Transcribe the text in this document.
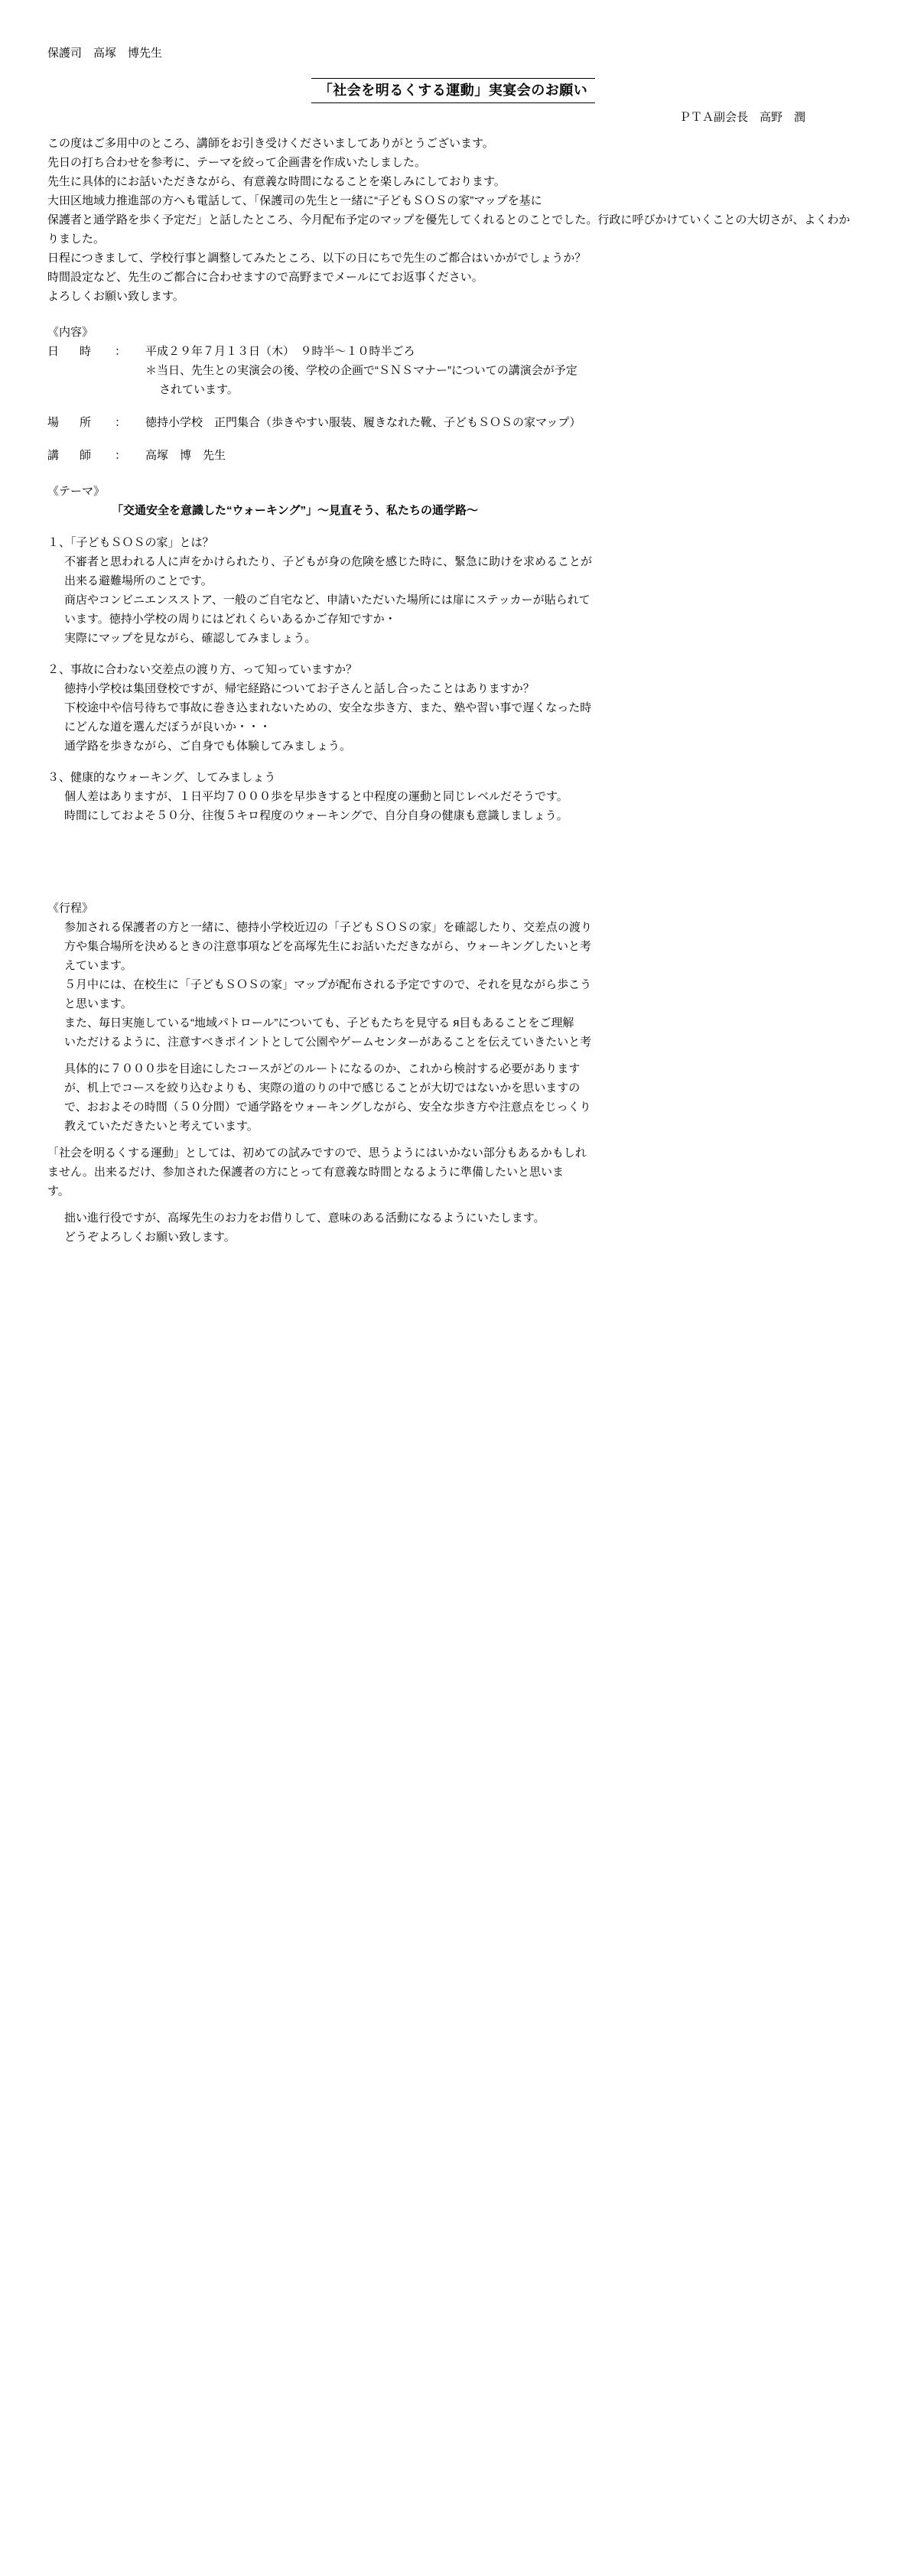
保護司　高塚　博先生
「社会を明るくする運動」実宴会のお願い
ＰＴＡ副会長　高野　潤
この度はご多用中のところ、講師をお引き受けくださいましてありがとうございます。
先日の打ち合わせを参考に、テーマを絞って企画書を作成いたしました。
先生に具体的にお話いただきながら、有意義な時間になることを楽しみにしております。
大田区地域力推進部の方へも電話して、「保護司の先生と一緒に“子どもＳＯＳの家”マップを基に
保護者と通学路を歩く予定だ」と話したところ、今月配布予定のマップを優先してくれるとのことでした。行政に呼びかけていくことの大切さが、よくわかりました。
日程につきまして、学校行事と調整してみたところ、以下の日にちで先生のご都合はいかがでしょうか？
時間設定など、先生のご都合に合わせますので高野までメールにてお返事ください。
よろしくお願い致します。
《内容》
日　時	：	平成２９年７月１３日（木）　９時半～１０時半ごろ
＊当日、先生との実演会の後、学校の企画で“ＳＮＳマナー”についての講演会が予定
されています。
場　所	：	徳持小学校　正門集合（歩きやすい服装、履きなれた靴、子どもＳＯＳの家マップ）
講　師	：	高塚　博　先生
《テーマ》
「交通安全を意識した“ウォーキング”」～見直そう、私たちの通学路～
１、「子どもＳＯＳの家」とは？
不審者と思われる人に声をかけられたり、子どもが身の危険を感じた時に、緊急に助けを求めることが
出来る避難場所のことです。
商店やコンビニエンスストア、一般のご自宅など、申請いただいた場所には扉にステッカーが貼られて
います。徳持小学校の周りにはどれくらいあるかご存知ですか・
実際にマップを見ながら、確認してみましょう。
２、事故に合わない交差点の渡り方、って知っていますか？
徳持小学校は集団登校ですが、帰宅経路についてお子さんと話し合ったことはありますか？
下校途中や信号待ちで事故に巻き込まれないための、安全な歩き方、また、塾や習い事で遅くなった時
にどんな道を選んだぼうが良いか・・・
通学路を歩きながら、ご自身でも体験してみましょう。
３、健康的なウォーキング、してみましょう
個人差はありますが、１日平均７０００歩を早歩きすると中程度の運動と同じレベルだそうです。
時間にしておよそ５０分、往復５キロ程度のウォーキングで、自分自身の健康も意識しましょう。
《行程》
参加される保護者の方と一緒に、徳持小学校近辺の「子どもＳＯＳの家」を確認したり、交差点の渡り
方や集合場所を決めるときの注意事項などを高塚先生にお話いただきながら、ウォーキングしたいと考
えています。
５月中には、在校生に「子どもＳＯＳの家」マップが配布される予定ですので、それを見ながら歩こう
と思います。
また、毎日実施している“地域パトロール”についても、子どもたちを見守る я目もあることをご理解
いただけるように、注意すべきポイントとして公園やゲームセンターがあることを伝えていきたいと考
具体的に７０００歩を目途にしたコースがどのルートになるのか、これから検討する必要があります
が、机上でコースを絞り込むよりも、実際の道のりの中で感じることが大切ではないかを思いますの
で、おおよその時間（５０分間）で通学路をウォーキングしながら、安全な歩き方や注意点をじっくり
教えていただきたいと考えています。
「社会を明るくする運動」としては、初めての試みですので、思うようにはいかない部分もあるかもしれ
ません。出来るだけ、参加された保護者の方にとって有意義な時間となるように準備したいと思いま
す。
拙い進行役ですが、高塚先生のお力をお借りして、意味のある活動になるようにいたします。
どうぞよろしくお願い致します。
